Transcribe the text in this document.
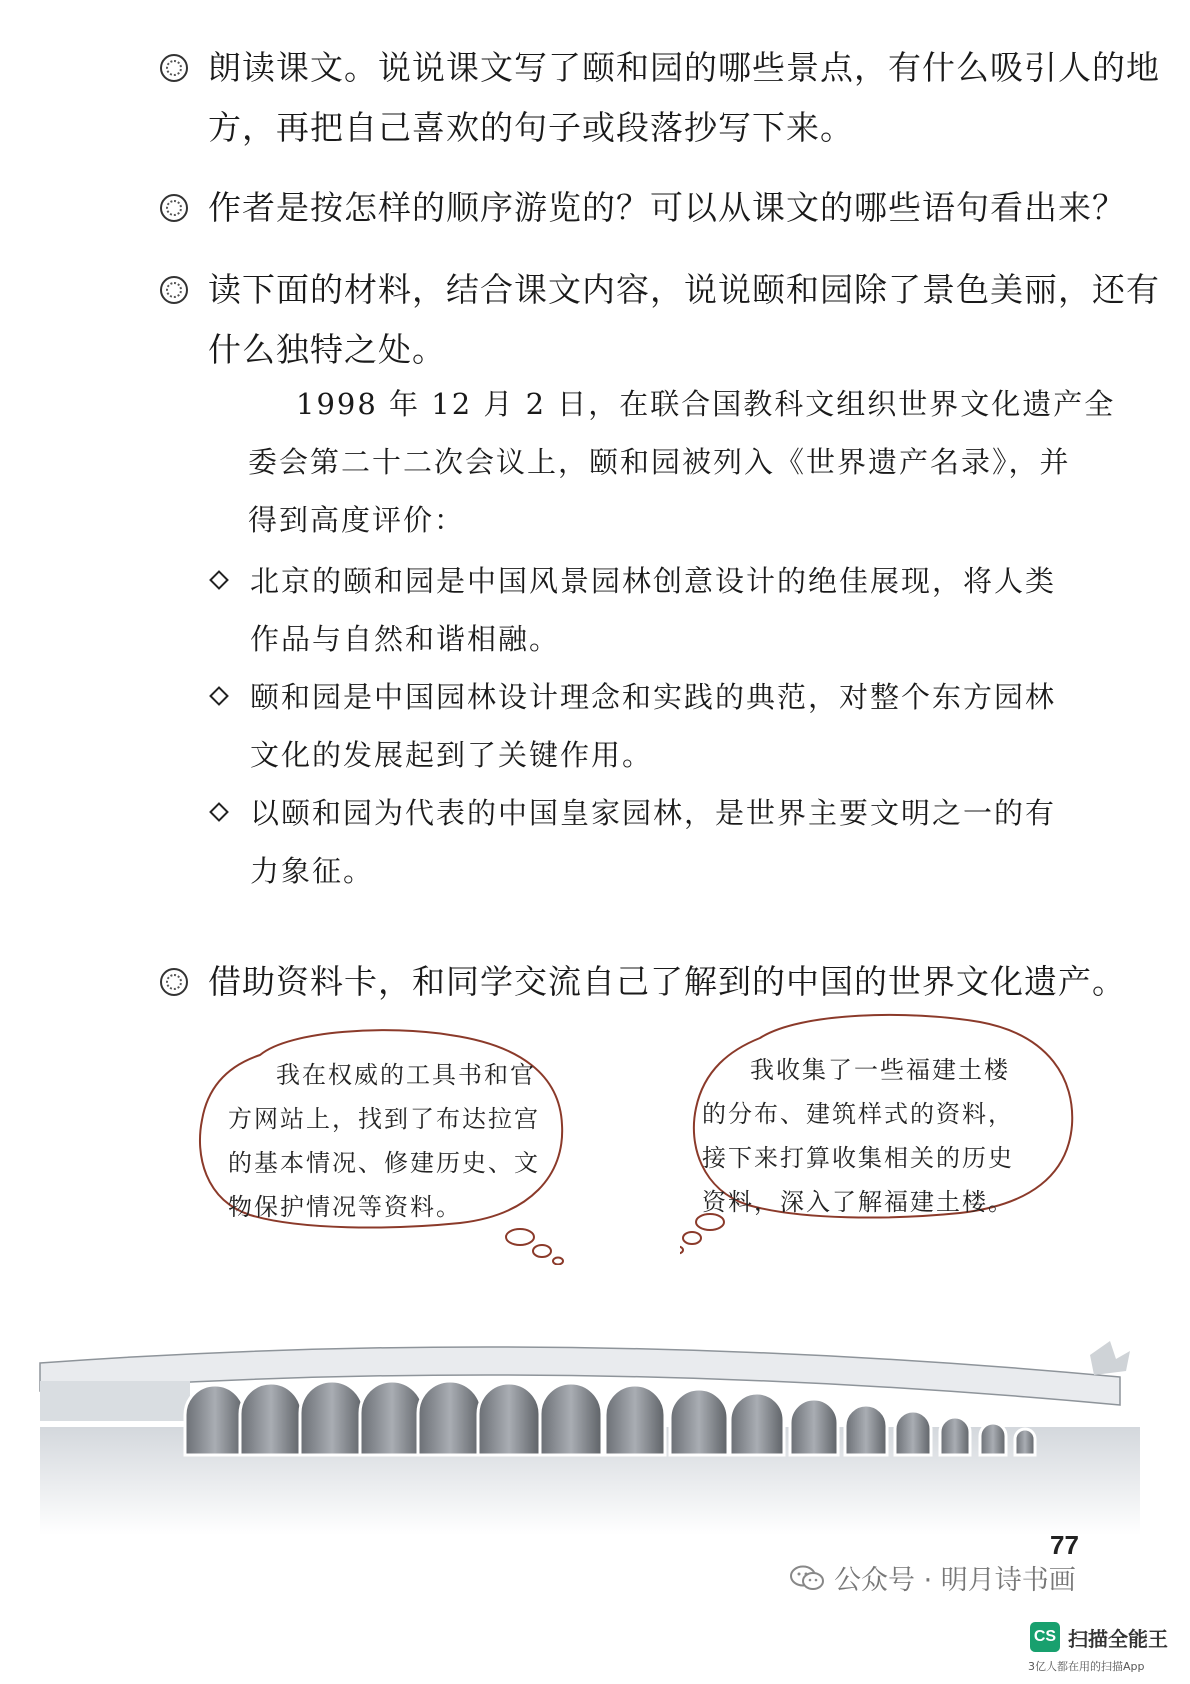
朗读课文。说说课文写了颐和园的哪些景点，有什么吸引人的地
方，再把自己喜欢的句子或段落抄写下来。
作者是按怎样的顺序游览的？可以从课文的哪些语句看出来？
读下面的材料，结合课文内容，说说颐和园除了景色美丽，还有
什么独特之处。
1998 年 12 月 2 日，在联合国教科文组织世界文化遗产全
委会第二十二次会议上，颐和园被列入《世界遗产名录》，并
得到高度评价：
北京的颐和园是中国风景园林创意设计的绝佳展现，将人类
作品与自然和谐相融。
颐和园是中国园林设计理念和实践的典范，对整个东方园林
文化的发展起到了关键作用。
以颐和园为代表的中国皇家园林，是世界主要文明之一的有
力象征。
借助资料卡，和同学交流自己了解到的中国的世界文化遗产。
我在权威的工具书和官
方网站上，找到了布达拉宫
的基本情况、修建历史、文
物保护情况等资料。
我收集了一些福建土楼
的分布、建筑样式的资料，
接下来打算收集相关的历史
资料，深入了解福建土楼。
77
公众号 · 明月诗书画
CS 扫描全能王
3亿人都在用的扫描App
